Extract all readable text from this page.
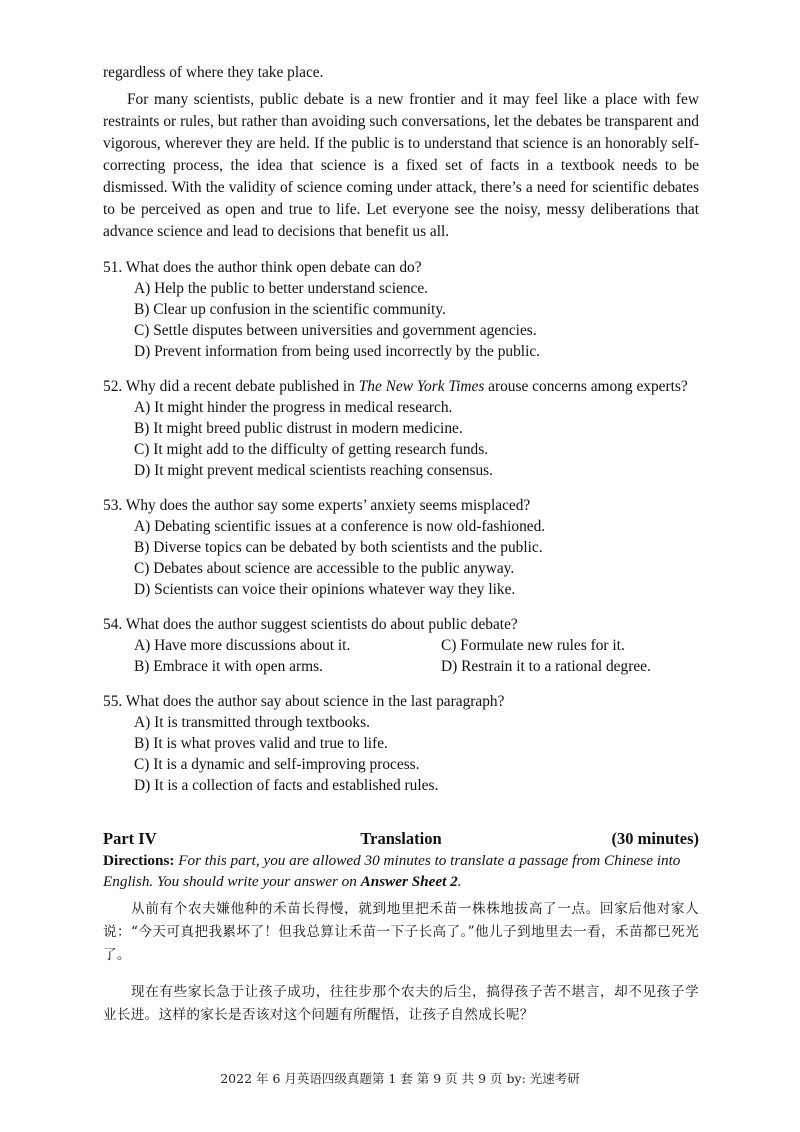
regardless of where they take place.

For many scientists, public debate is a new frontier and it may feel like a place with few restraints or rules, but rather than avoiding such conversations, let the debates be transparent and vigorous, wherever they are held. If the public is to understand that science is an honorably self-correcting process, the idea that science is a fixed set of facts in a textbook needs to be dismissed. With the validity of science coming under attack, there’s a need for scientific debates to be perceived as open and true to life. Let everyone see the noisy, messy deliberations that advance science and lead to decisions that benefit us all.

51. What does the author think open debate can do?
A) Help the public to better understand science.
B) Clear up confusion in the scientific community.
C) Settle disputes between universities and government agencies.
D) Prevent information from being used incorrectly by the public.
52. Why did a recent debate published in The New York Times arouse concerns among experts?
A) It might hinder the progress in medical research.
B) It might breed public distrust in modern medicine.
C) It might add to the difficulty of getting research funds.
D) It might prevent medical scientists reaching consensus.
53. Why does the author say some experts’ anxiety seems misplaced?
A) Debating scientific issues at a conference is now old-fashioned.
B) Diverse topics can be debated by both scientists and the public.
C) Debates about science are accessible to the public anyway.
D) Scientists can voice their opinions whatever way they like.
54. What does the author suggest scientists do about public debate?
A) Have more discussions about it.	C) Formulate new rules for it.
B) Embrace it with open arms.	D) Restrain it to a rational degree.
55. What does the author say about science in the last paragraph?
A) It is transmitted through textbooks.
B) It is what proves valid and true to life.
C) It is a dynamic and self-improving process.
D) It is a collection of facts and established rules.
Part IV	Translation	(30 minutes)
Directions: For this part, you are allowed 30 minutes to translate a passage from Chinese into English. You should write your answer on Answer Sheet 2.

从前有个农夫嫌他种的禾苗长得慢，就到地里把禾苗一株株地拔高了一点。回家后他对家人说：“今天可真把我累坏了！但我总算让禾苗一下子长高了。”他儿子到地里去一看，禾苗都已死光了。

现在有些家长急于让孩子成功，往往步那个农夫的后尘，搞得孩子苦不堪言，却不见孩子学业长进。这样的家长是否该对这个问题有所醒悟，让孩子自然成长呢？

2022 年 6 月英语四级真题第 1 套 第 9 页 共 9 页 by: 光速考研
